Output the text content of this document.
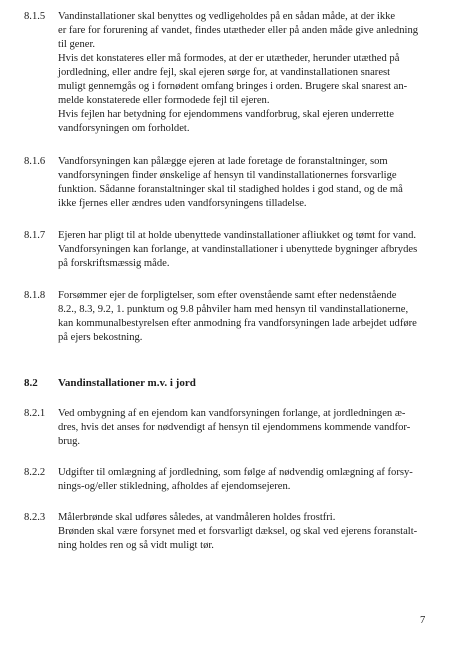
8.1.5 Vandinstallationer skal benyttes og vedligeholdes på en sådan måde, at der ikke
er fare for forurening af vandet, findes utætheder eller på anden måde give anledning
til gener.
Hvis det konstateres eller må formodes, at der er utætheder, herunder utæthed på
jordledning, eller andre fejl, skal ejeren sørge for, at vandinstallationen snarest
muligt gennemgås og i fornødent omfang bringes i orden. Brugere skal snarest an-
melde konstaterede eller formodede fejl til ejeren.
Hvis fejlen har betydning for ejendommens vandforbrug, skal ejeren underrette
vandforsyningen om forholdet.
8.1.6 Vandforsyningen kan pålægge ejeren at lade foretage de foranstaltninger, som
vandforsyningen finder ønskelige af hensyn til vandinstallationernes forsvarlige
funktion. Sådanne foranstaltninger skal til stadighed holdes i god stand, og de må
ikke fjernes eller ændres uden vandforsyningens tilladelse.
8.1.7 Ejeren har pligt til at holde ubenyttede vandinstallationer afliukket og tømt for vand.
Vandforsyningen kan forlange, at vandinstallationer i ubenyttede bygninger afbrydes
på forskriftsmæssig måde.
8.1.8 Forsømmer ejer de forpligtelser, som efter ovenstående samt efter nedenstående
8.2., 8.3, 9.2, 1. punktum og 9.8 påhviler ham med hensyn til vandinstallationerne,
kan kommunalbestyrelsen efter anmodning fra vandforsyningen lade arbejdet udføre
på ejers bekostning.
8.2 Vandinstallationer m.v. i jord
8.2.1 Ved ombygning af en ejendom kan vandforsyningen forlange, at jordledningen æ-
dres, hvis det anses for nødvendigt af hensyn til ejendommens kommende vandfor-
brug.
8.2.2 Udgifter til omlægning af jordledning, som følge af nødvendig omlægning af forsy-
nings-og/eller stikledning, afholdes af ejendomsejeren.
8.2.3 Målerbrønde skal udføres således, at vandmåleren holdes frostfri.
Brønden skal være forsynet med et forsvarligt dæksel, og skal ved ejerens foranstalt-
ning holdes ren og så vidt muligt tør.
7
